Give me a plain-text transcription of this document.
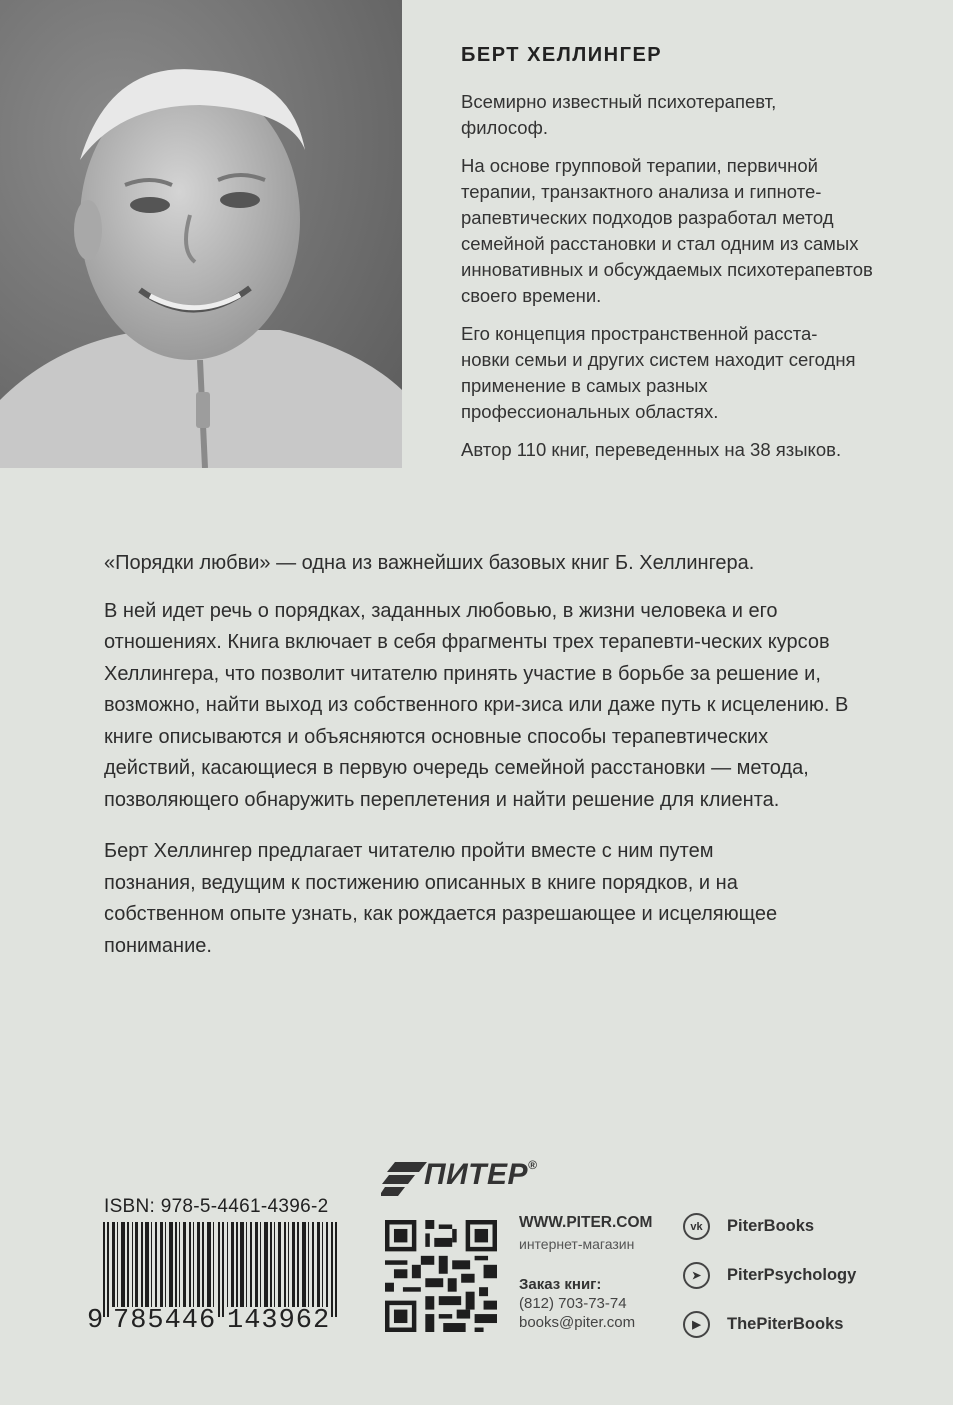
БЕРТ ХЕЛЛИНГЕР

Всемирно известный психотерапевт, философ.

На основе групповой терапии, первичной терапии, транзактного анализа и гипноте-рапевтических подходов разработал метод семейной расстановки и стал одним из самых инновативных и обсуждаемых психотерапевтов своего времени.

Его концепция пространственной расста-новки семьи и других систем находит сегодня применение в самых разных профессиональных областях.

Автор 110 книг, переведенных на 38 языков.

«Порядки любви» — одна из важнейших базовых книг Б. Хеллингера.

В ней идет речь о порядках, заданных любовью, в жизни человека и его отношениях. Книга включает в себя фрагменты трех терапевти-ческих курсов Хеллингера, что позволит читателю принять участие в борьбе за решение и, возможно, найти выход из собственного кри-зиса или даже путь к исцелению. В книге описываются и объясняются основные способы терапевтических действий, касающиеся в первую очередь семейной расстановки — метода, позволяющего обнаружить переплетения и найти решение для клиента.

Берт Хеллингер предлагает читателю пройти вместе с ним путем познания, ведущим к постижению описанных в книге порядков, и на собственном опыте узнать, как рождается разрешающее и исцеляющее понимание.

ISBN: 978-5-4461-4396-2

9 785446 143962
ПИТЕР®

WWW.PITER.COM

интернет-магазин

Заказ книг:

(812) 703-73-74

books@piter.com

vk	PiterBooks
➤	PiterPsychology
▶	ThePiterBooks
